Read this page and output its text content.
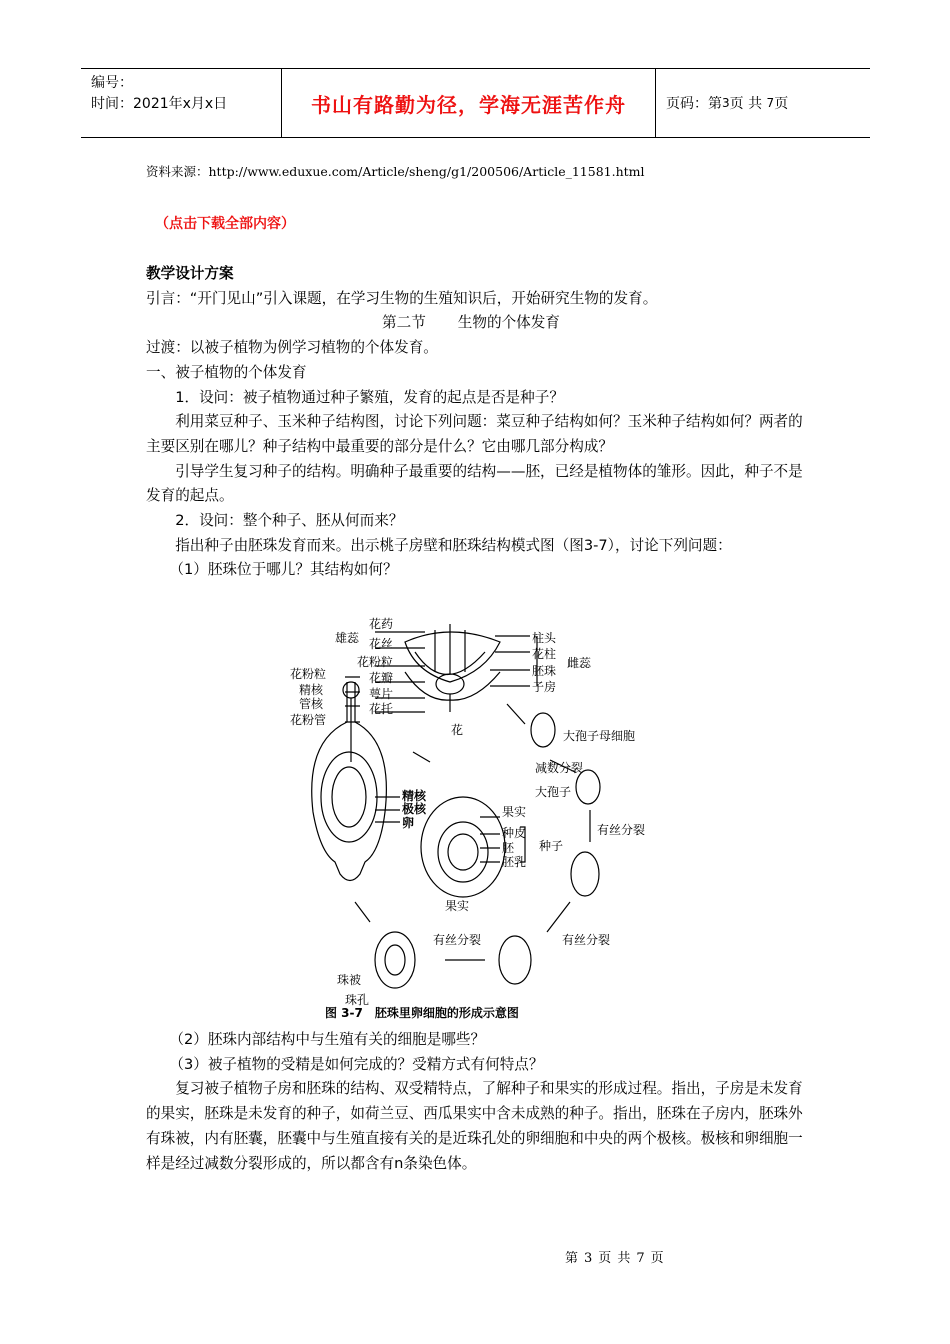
编号：
时间：2021年x月x日	书山有路勤为径，学海无涯苦作舟	页码：第 3 页 共
7 页
资料来源：http://www.eduxue.com/Article/sheng/g1/200506/Article_11581.html
（点击下载全部内容）

教学设计方案

引言：“开门见山”引入课题，在学习生物的生殖知识后，开始研究生物的发育。

第二节 生物的个体发育

过渡：以被子植物为例学习植物的个体发育。

一、被子植物的个体发育

1．设问：被子植物通过种子繁殖，发育的起点是否是种子？

利用菜豆种子、玉米种子结构图，讨论下列问题：菜豆种子结构如何？玉米种子结构如何？两者的主要区别在哪儿？种子结构中最重要的部分是什么？它由哪几部分构成？

引导学生复习种子的结构。明确种子最重要的结构——胚，已经是植物体的雏形。因此，种子不是发育的起点。

2．设问：整个种子、胚从何而来？

指出种子由胚珠发育而来。出示桃子房壁和胚珠结构模式图（图3-7），讨论下列问题：

（1）胚珠位于哪儿？其结构如何？

花药
雄蕊 花丝	柱头
花柱
雌蕊
花粉粒
胚珠
花瓣
子房
萼片
花托
花
花粉粒
精核
管核
花粉管
大孢子母细胞
减数分裂
大孢子
精核
极核
卵
果实
种皮
胚
胚乳
种子
果实
有丝分裂
有丝分裂
有丝分裂
珠被
珠孔
图 3-7　胚珠里卵细胞的形成示意图

（2）胚珠内部结构中与生殖有关的细胞是哪些？

（3）被子植物的受精是如何完成的？受精方式有何特点？

复习被子植物子房和胚珠的结构、双受精特点，了解种子和果实的形成过程。指出，子房是未发育的果实，胚珠是未发育的种子，如荷兰豆、西瓜果实中含未成熟的种子。指出，胚珠在子房内，胚珠外有珠被，内有胚囊，胚囊中与生殖直接有关的是近珠孔处的卵细胞和中央的两个极核。极核和卵细胞一样是经过减数分裂形成的，所以都含有n条染色体。

第 3 页 共 7 页
